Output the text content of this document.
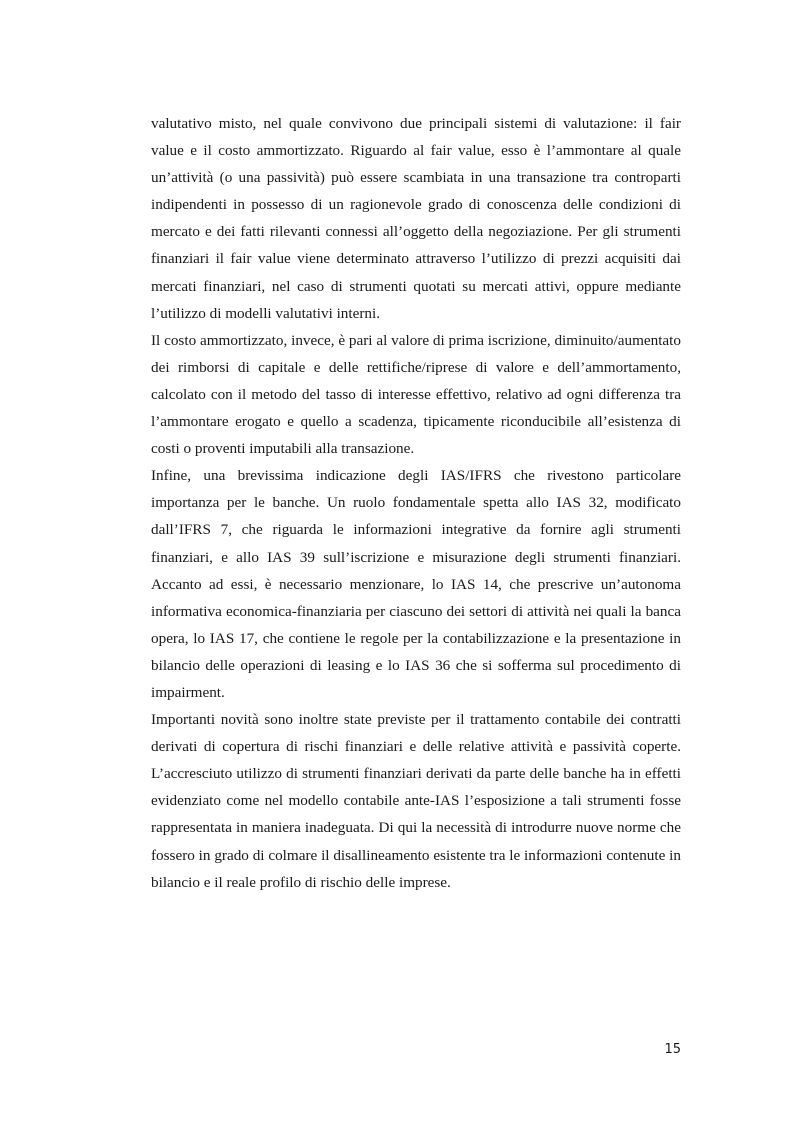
valutativo misto, nel quale convivono due principali sistemi di valutazione: il fair value e il costo ammortizzato. Riguardo al fair value, esso è l’ammontare al quale un’attività (o una passività) può essere scambiata in una transazione tra controparti indipendenti in possesso di un ragionevole grado di conoscenza delle condizioni di mercato e dei fatti rilevanti connessi all’oggetto della negoziazione. Per gli strumenti finanziari il fair value viene determinato attraverso l’utilizzo di prezzi acquisiti dai mercati finanziari, nel caso di strumenti quotati su mercati attivi, oppure mediante l’utilizzo di modelli valutativi interni.

Il costo ammortizzato, invece, è pari al valore di prima iscrizione, diminuito/aumentato dei rimborsi di capitale e delle rettifiche/riprese di valore e dell’ammortamento, calcolato con il metodo del tasso di interesse effettivo, relativo ad ogni differenza tra l’ammontare erogato e quello a scadenza, tipicamente riconducibile all’esistenza di costi o proventi imputabili alla transazione.

Infine, una brevissima indicazione degli IAS/IFRS che rivestono particolare importanza per le banche. Un ruolo fondamentale spetta allo IAS 32, modificato dall’IFRS 7, che riguarda le informazioni integrative da fornire agli strumenti finanziari, e allo IAS 39 sull’iscrizione e misurazione degli strumenti finanziari. Accanto ad essi, è necessario menzionare, lo IAS 14, che prescrive un’autonoma informativa economica-finanziaria per ciascuno dei settori di attività nei quali la banca opera, lo IAS 17, che contiene le regole per la contabilizzazione e la presentazione in bilancio delle operazioni di leasing e lo IAS 36 che si sofferma sul procedimento di impairment.

Importanti novità sono inoltre state previste per il trattamento contabile dei contratti derivati di copertura di rischi finanziari e delle relative attività e passività coperte. L’accresciuto utilizzo di strumenti finanziari derivati da parte delle banche ha in effetti evidenziato come nel modello contabile ante-IAS l’esposizione a tali strumenti fosse rappresentata in maniera inadeguata. Di qui la necessità di introdurre nuove norme che fossero in grado di colmare il disallineamento esistente tra le informazioni contenute in bilancio e il reale profilo di rischio delle imprese.

15
